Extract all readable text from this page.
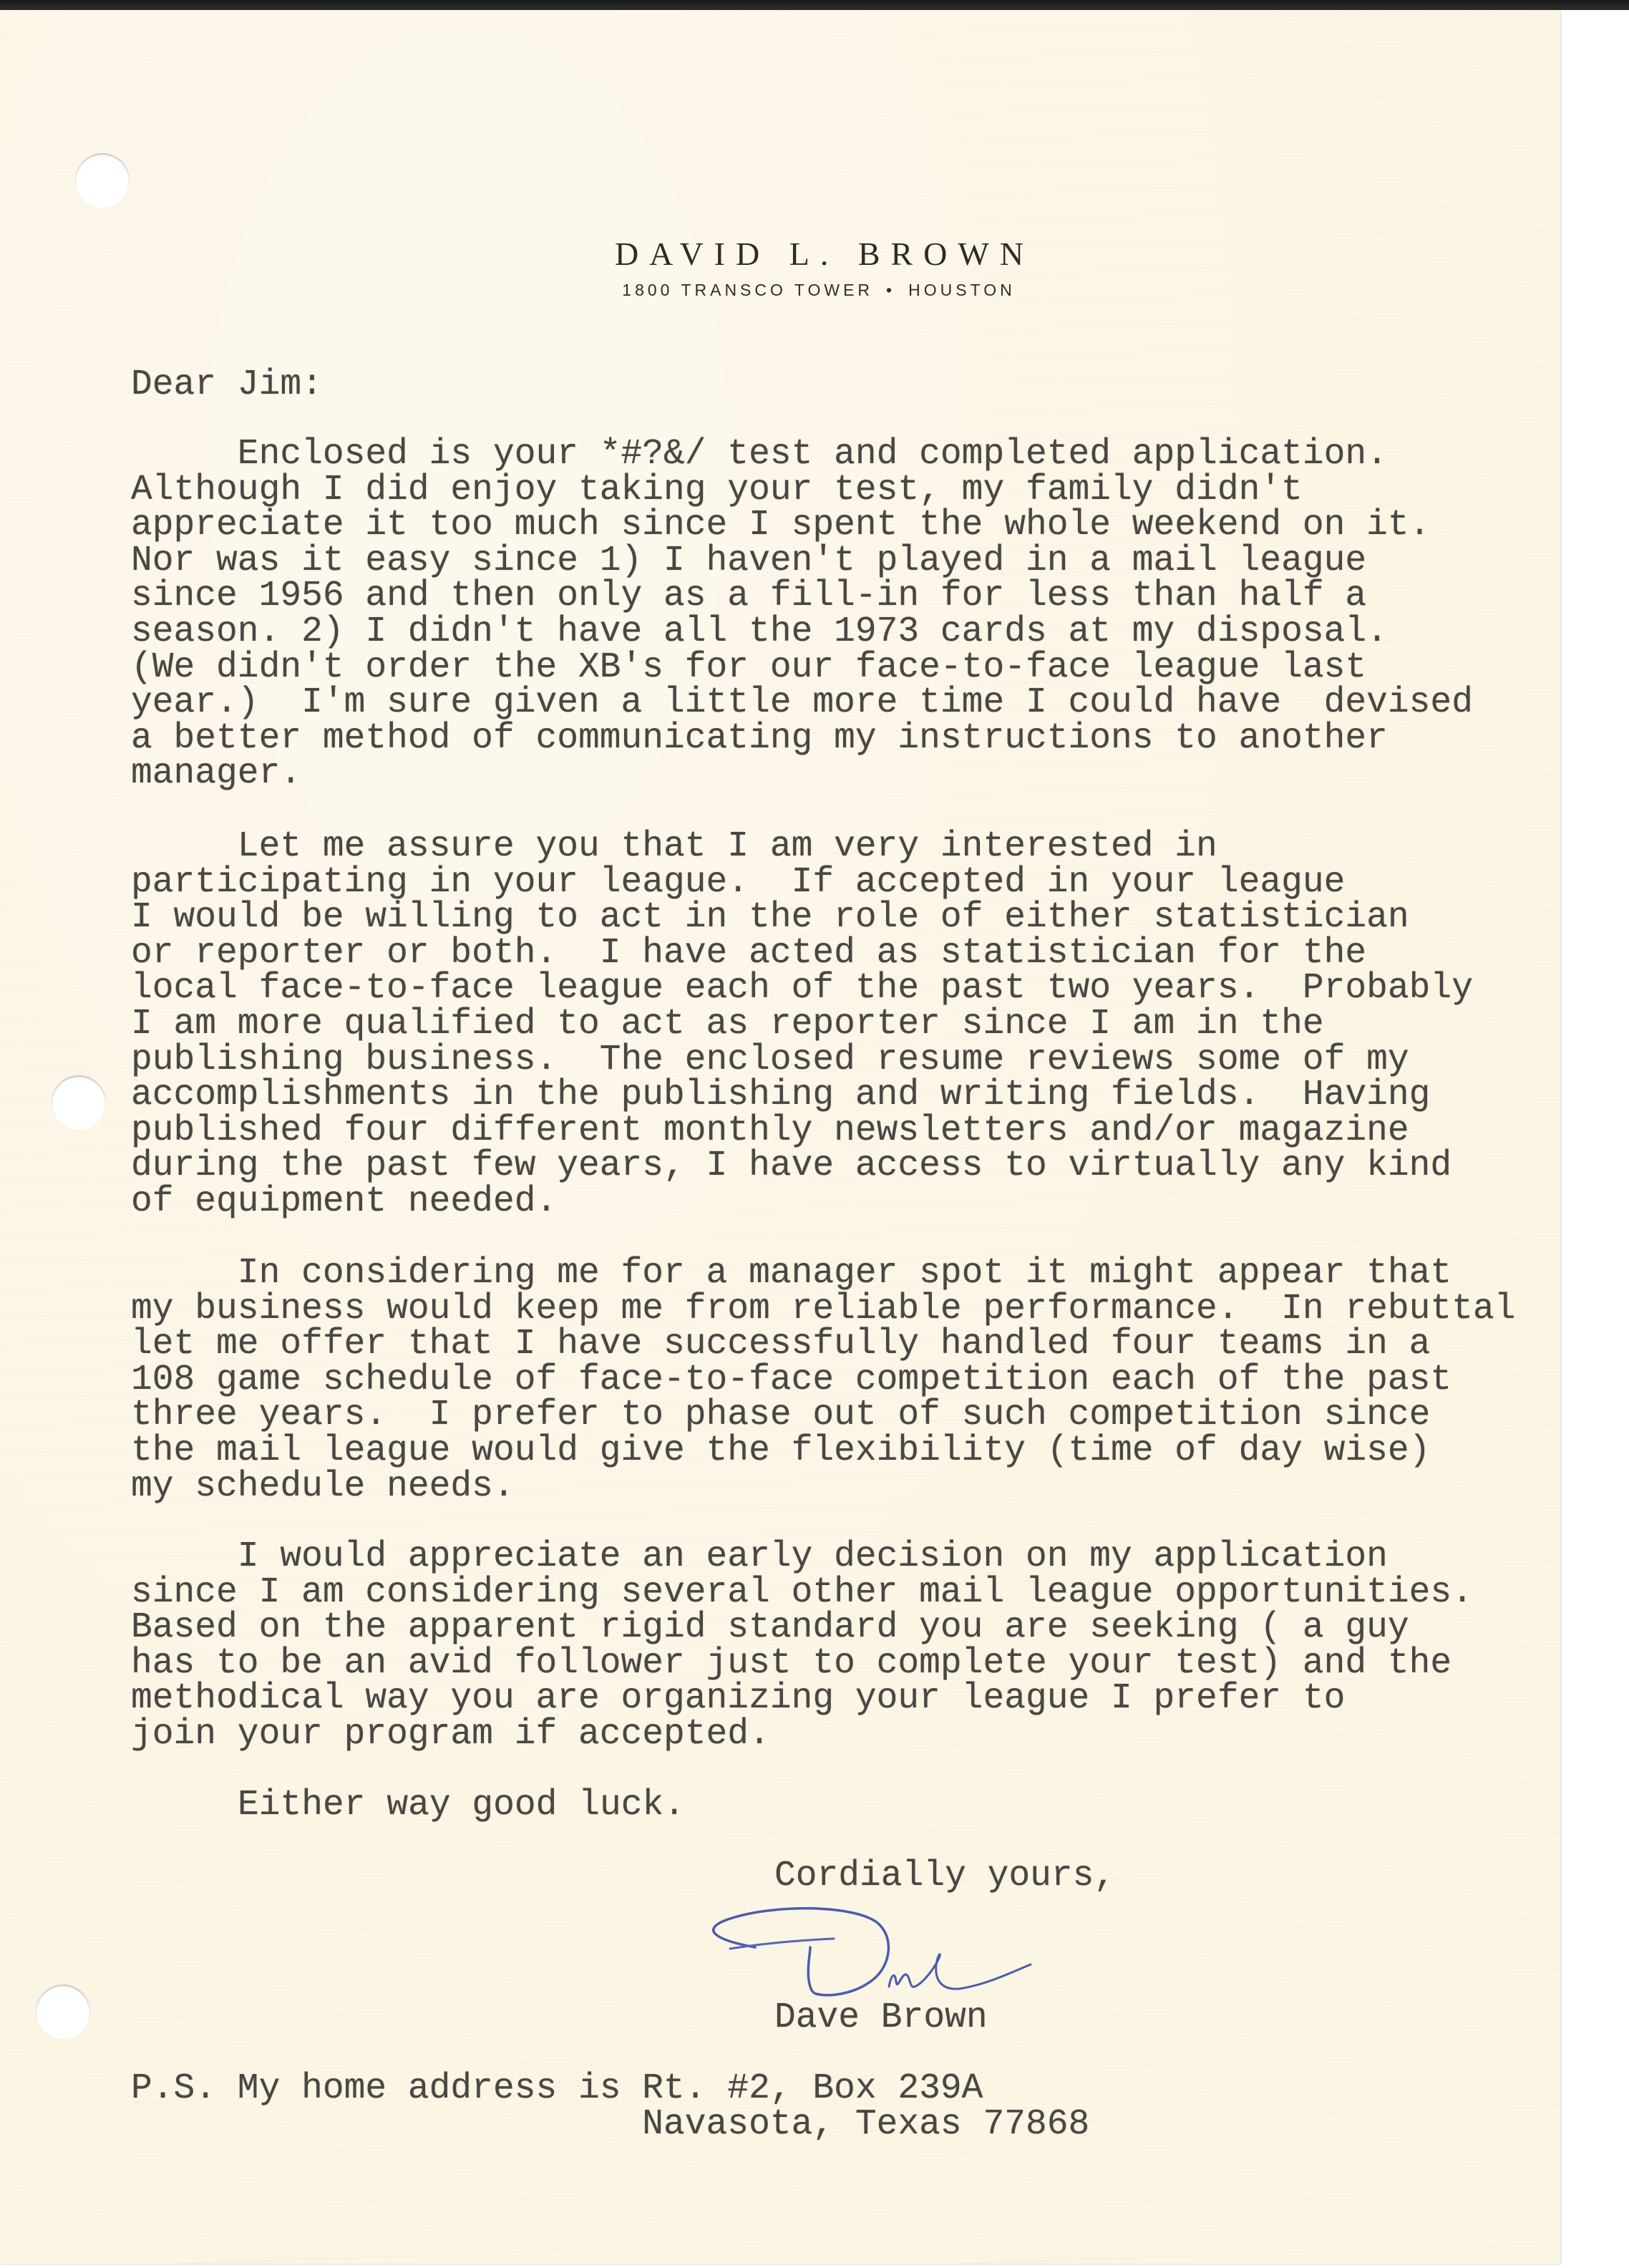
DAVID L. BROWN
1800 TRANSCO TOWER • HOUSTON
Dear Jim:
Enclosed is your *#?&/ test and completed application.
Although I did enjoy taking your test, my family didn't
appreciate it too much since I spent the whole weekend on it.
Nor was it easy since 1) I haven't played in a mail league
since 1956 and then only as a fill-in for less than half a
season. 2) I didn't have all the 1973 cards at my disposal.
(We didn't order the XB's for our face-to-face league last
year.)  I'm sure given a little more time I could have  devised
a better method of communicating my instructions to another
manager.
Let me assure you that I am very interested in
participating in your league.  If accepted in your league
I would be willing to act in the role of either statistician
or reporter or both.  I have acted as statistician for the
local face-to-face league each of the past two years.  Probably
I am more qualified to act as reporter since I am in the
publishing business.  The enclosed resume reviews some of my
accomplishments in the publishing and writing fields.  Having
published four different monthly newsletters and/or magazine
during the past few years, I have access to virtually any kind
of equipment needed.
In considering me for a manager spot it might appear that
my business would keep me from reliable performance.  In rebuttal
let me offer that I have successfully handled four teams in a
108 game schedule of face-to-face competition each of the past
three years.  I prefer to phase out of such competition since
the mail league would give the flexibility (time of day wise)
my schedule needs.
I would appreciate an early decision on my application
since I am considering several other mail league opportunities.
Based on the apparent rigid standard you are seeking ( a guy
has to be an avid follower just to complete your test) and the
methodical way you are organizing your league I prefer to
join your program if accepted.
Either way good luck.
Cordially yours,
Dave Brown
P.S. My home address is Rt. #2, Box 239A
Navasota, Texas 77868
